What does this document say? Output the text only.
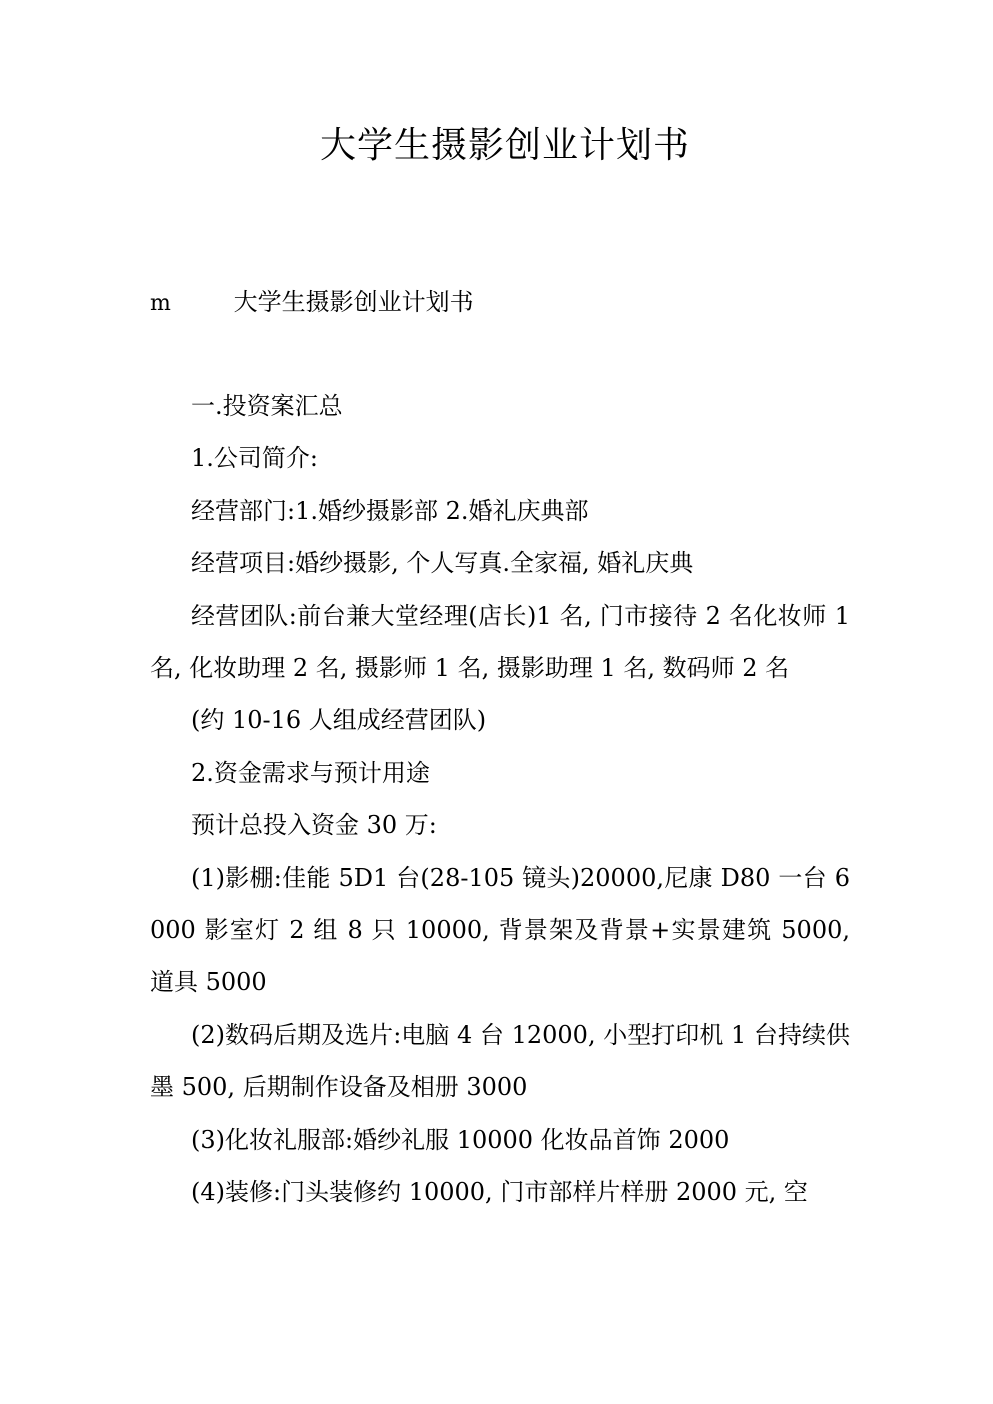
大学生摄影创业计划书
m	大学生摄影创业计划书

一.投资案汇总

1.公司简介:

经营部门:1.婚纱摄影部 2.婚礼庆典部

经营项目:婚纱摄影, 个人写真.全家福, 婚礼庆典

经营团队:前台兼大堂经理(店长)1 名, 门市接待 2 名化妆师 1 名, 化妆助理 2 名, 摄影师 1 名, 摄影助理 1 名, 数码师 2 名

(约 10-16 人组成经营团队)

2.资金需求与预计用途

预计总投入资金 30 万:

(1)影棚:佳能 5D1 台(28-105 镜头)20000,尼康 D80 一台 6000 影室灯 2 组 8 只 10000, 背景架及背景+实景建筑 5000, 道具 5000

(2)数码后期及选片:电脑 4 台 12000, 小型打印机 1 台持续供墨 500, 后期制作设备及相册 3000

(3)化妆礼服部:婚纱礼服 10000 化妆品首饰 2000

(4)装修:门头装修约 10000, 门市部样片样册 2000 元, 空
